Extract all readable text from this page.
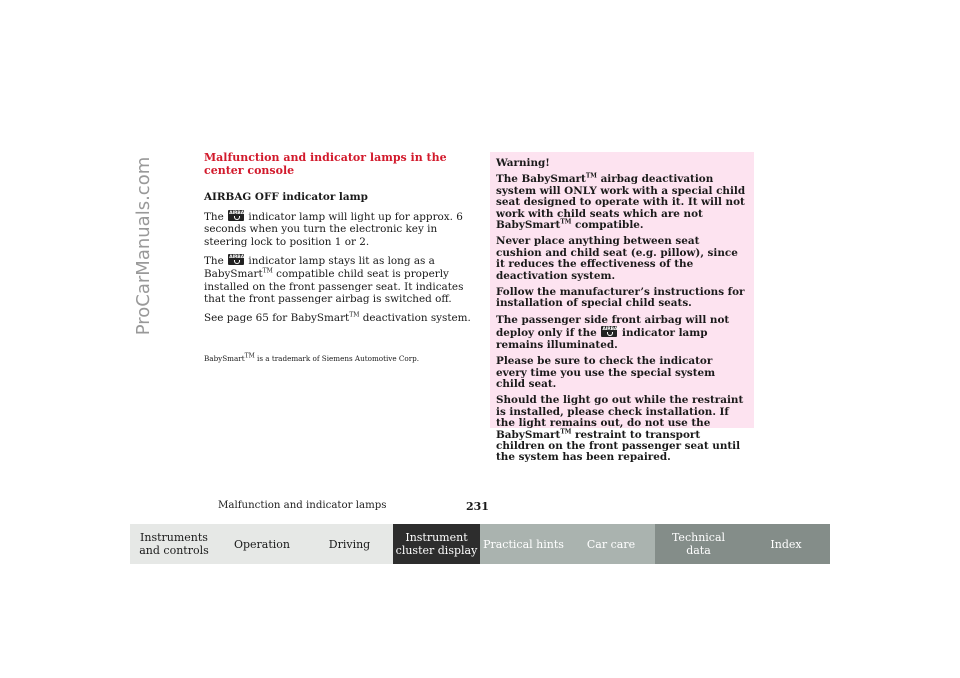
ProCarManuals.com	Malfunction and indicator lamps in the center console
AIRBAG OFF indicator lamp

The AIRBAG indicator lamp will light up for approx. 6 seconds when you turn the electronic key in steering lock to position 1 or 2.

The AIRBAG indicator lamp stays lit as long as a BabySmart™ compatible child seat is properly installed on the front passenger seat. It indicates that the front passenger airbag is switched off.

See page 65 for BabySmart™ deactivation system.

BabySmart™ is a trademark of Siemens Automotive Corp.

Warning!

The BabySmart™ airbag deactivation system will ONLY work with a special child seat designed to operate with it. It will not work with child seats which are not BabySmart™ compatible.

Never place anything between seat cushion and child seat (e.g. pillow), since it reduces the effectiveness of the deactivation system.

Follow the manufacturer’s instructions for installation of special child seats.

The passenger side front airbag will not deploy only if the AIRBAG indicator lamp remains illuminated.

Please be sure to check the indicator every time you use the special system child seat.

Should the light go out while the restraint is installed, please check installation. If the light remains out, do not use the BabySmart™ restraint to transport children on the front passenger seat until the system has been repaired.

Malfunction and indicator lamps	231
Instruments
and controls	Operation	Driving	Instrument
cluster display Practical hints	Car care	Technical
data	Index
